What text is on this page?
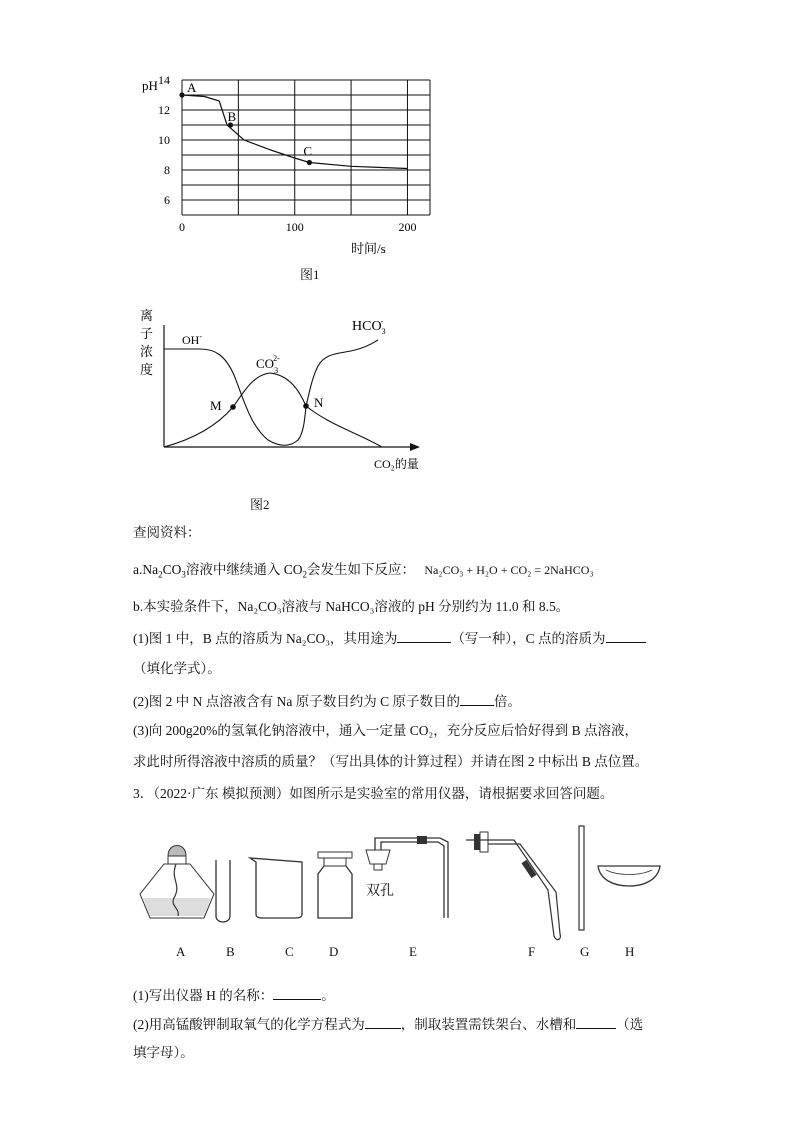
pH
6
8
10
12
14
0	100	200
A
B
C
时间/s
图1
离
子
浓
度
OH-
$CO_32-$
$HCO_3-$
M	N
CO₂的量
图2
查阅资料：
$a.Na_2CO_3$溶液中继续通入 $CO_2$会发生如下反应： Na₂CO₃ + H₂O + CO₂ = 2NaHCO₃
b.本实验条件下，Na₂CO₃溶液与 NaHCO₃溶液的 pH 分别约为 11.0 和 8.5。
(1)图 1 中，B 点的溶质为 Na₂CO₃，其用途为	（写一种），C 点的溶质为
（填化学式）。
(2)图 2 中 N 点溶液含有 Na 原子数目约为 C 原子数目的	倍。
(3)向 200g20%的氢氧化钠溶液中，通入一定量 CO₂，充分反应后恰好得到 B 点溶液，
求此时所得溶液中溶质的质量？（写出具体的计算过程）并请在图 2 中标出 B 点位置。
3．（2022·广东 模拟预测）如图所示是实验室的常用仪器，请根据要求回答问题。
双孔
A	B	C	D	E	F	G	H
(1)写出仪器 H 的名称：	。
(2)用高锰酸钾制取氧气的化学方程式为	，制取装置需铁架台、水槽和	（选
填字母）。
